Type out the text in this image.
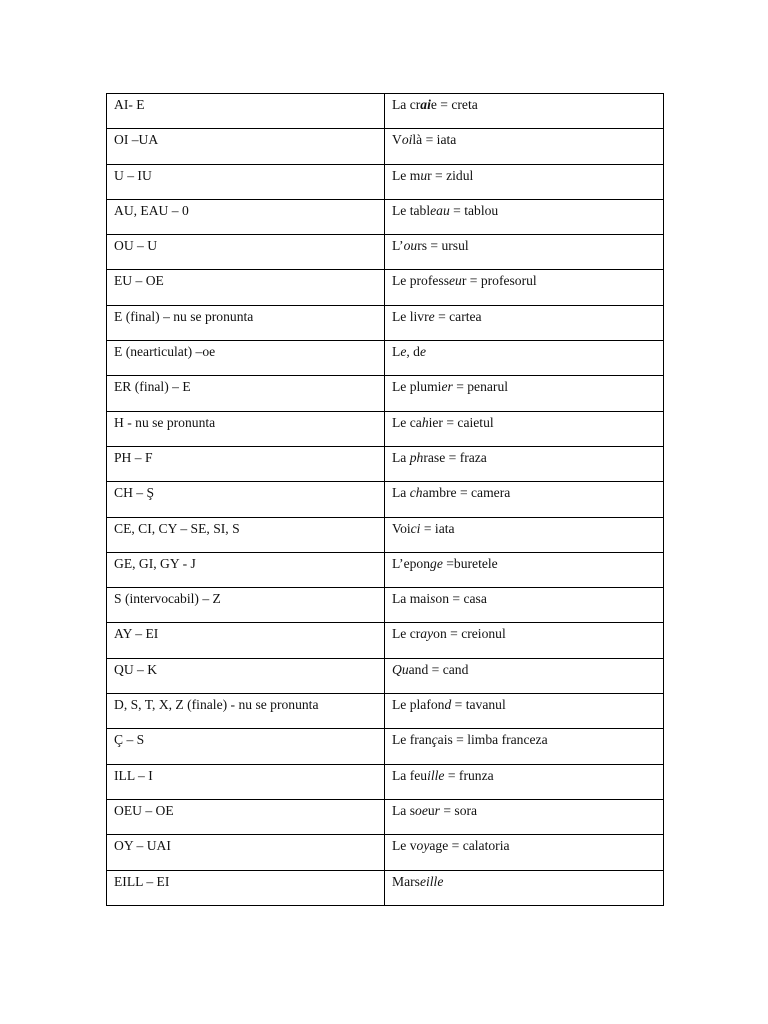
AI- E	La craie = creta
OI –UA	Voilà = iata
U – IU	Le mur = zidul
AU, EAU – 0	Le tableau = tablou
OU – U	L’ours = ursul
EU – OE	Le professeur = profesorul
E (final) – nu se pronunta	Le livre = cartea
E (nearticulat) –oe	Le, de
ER (final) – E	Le plumier = penarul
H - nu se pronunta	Le cahier = caietul
PH – F	La phrase = fraza
CH – Ş	La chambre = camera
CE, CI, CY – SE, SI, S	Voici = iata
GE, GI, GY - J	L’eponge =buretele
S (intervocabil) – Z	La maison = casa
AY – EI	Le crayon = creionul
QU – K	Quand = cand
D, S, T, X, Z (finale) - nu se pronunta	Le plafond = tavanul
Ç – S	Le français = limba franceza
ILL – I	La feuille = frunza
OEU – OE	La soeur = sora
OY – UAI	Le voyage = calatoria
EILL – EI	Marseille
